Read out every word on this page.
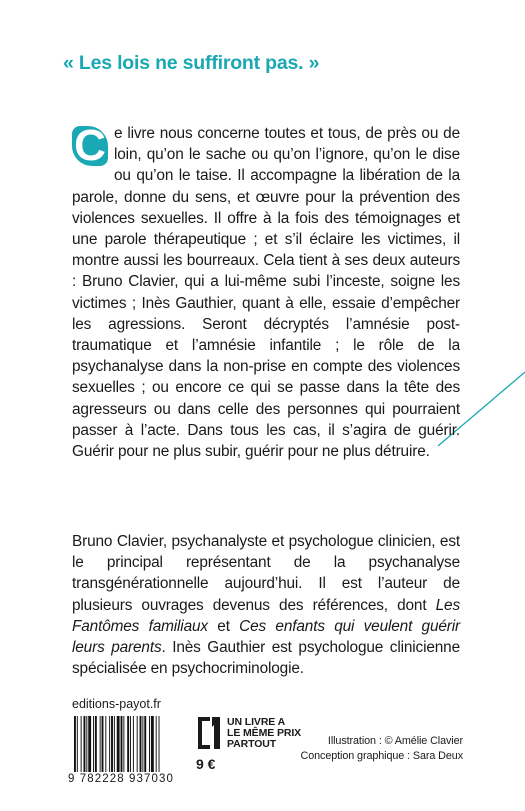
« Les lois ne suffiront pas. »
C e livre nous concerne toutes et tous, de près ou de loin, qu’on le sache ou qu’on l’ignore, qu’on le dise ou qu’on le taise. Il accompagne la libération de la parole, donne du sens, et œuvre pour la prévention des violences sexuelles. Il offre à la fois des témoignages et une parole thérapeutique ; et s’il éclaire les victimes, il montre aussi les bourreaux. Cela tient à ses deux auteurs : Bruno Clavier, qui a lui-même subi l’inceste, soigne les victimes ; Inès Gauthier, quant à elle, essaie d’empêcher les agressions. Seront décryptés l’amnésie post-traumatique et l’amnésie infantile ; le rôle de la psychanalyse dans la non-prise en compte des violences sexuelles ; ou encore ce qui se passe dans la tête des agresseurs ou dans celle des personnes qui pourraient passer à l’acte. Dans tous les cas, il s’agira de guérir. Guérir pour ne plus subir, guérir pour ne plus détruire.
Bruno Clavier, psychanalyste et psychologue clinicien, est le principal représentant de la psychanalyse transgénérationnelle aujourd’hui. Il est l’auteur de plusieurs ouvrages devenus des références, dont Les Fantômes familiaux et Ces enfants qui veulent guérir leurs parents. Inès Gauthier est psychologue clinicienne spécialisée en psychocriminologie.
editions-payot.fr
9 782228 937030
UN LIVRE A
LE MÊME PRIX
PARTOUT
9 €
Illustration : © Amélie Clavier
Conception graphique : Sara Deux
